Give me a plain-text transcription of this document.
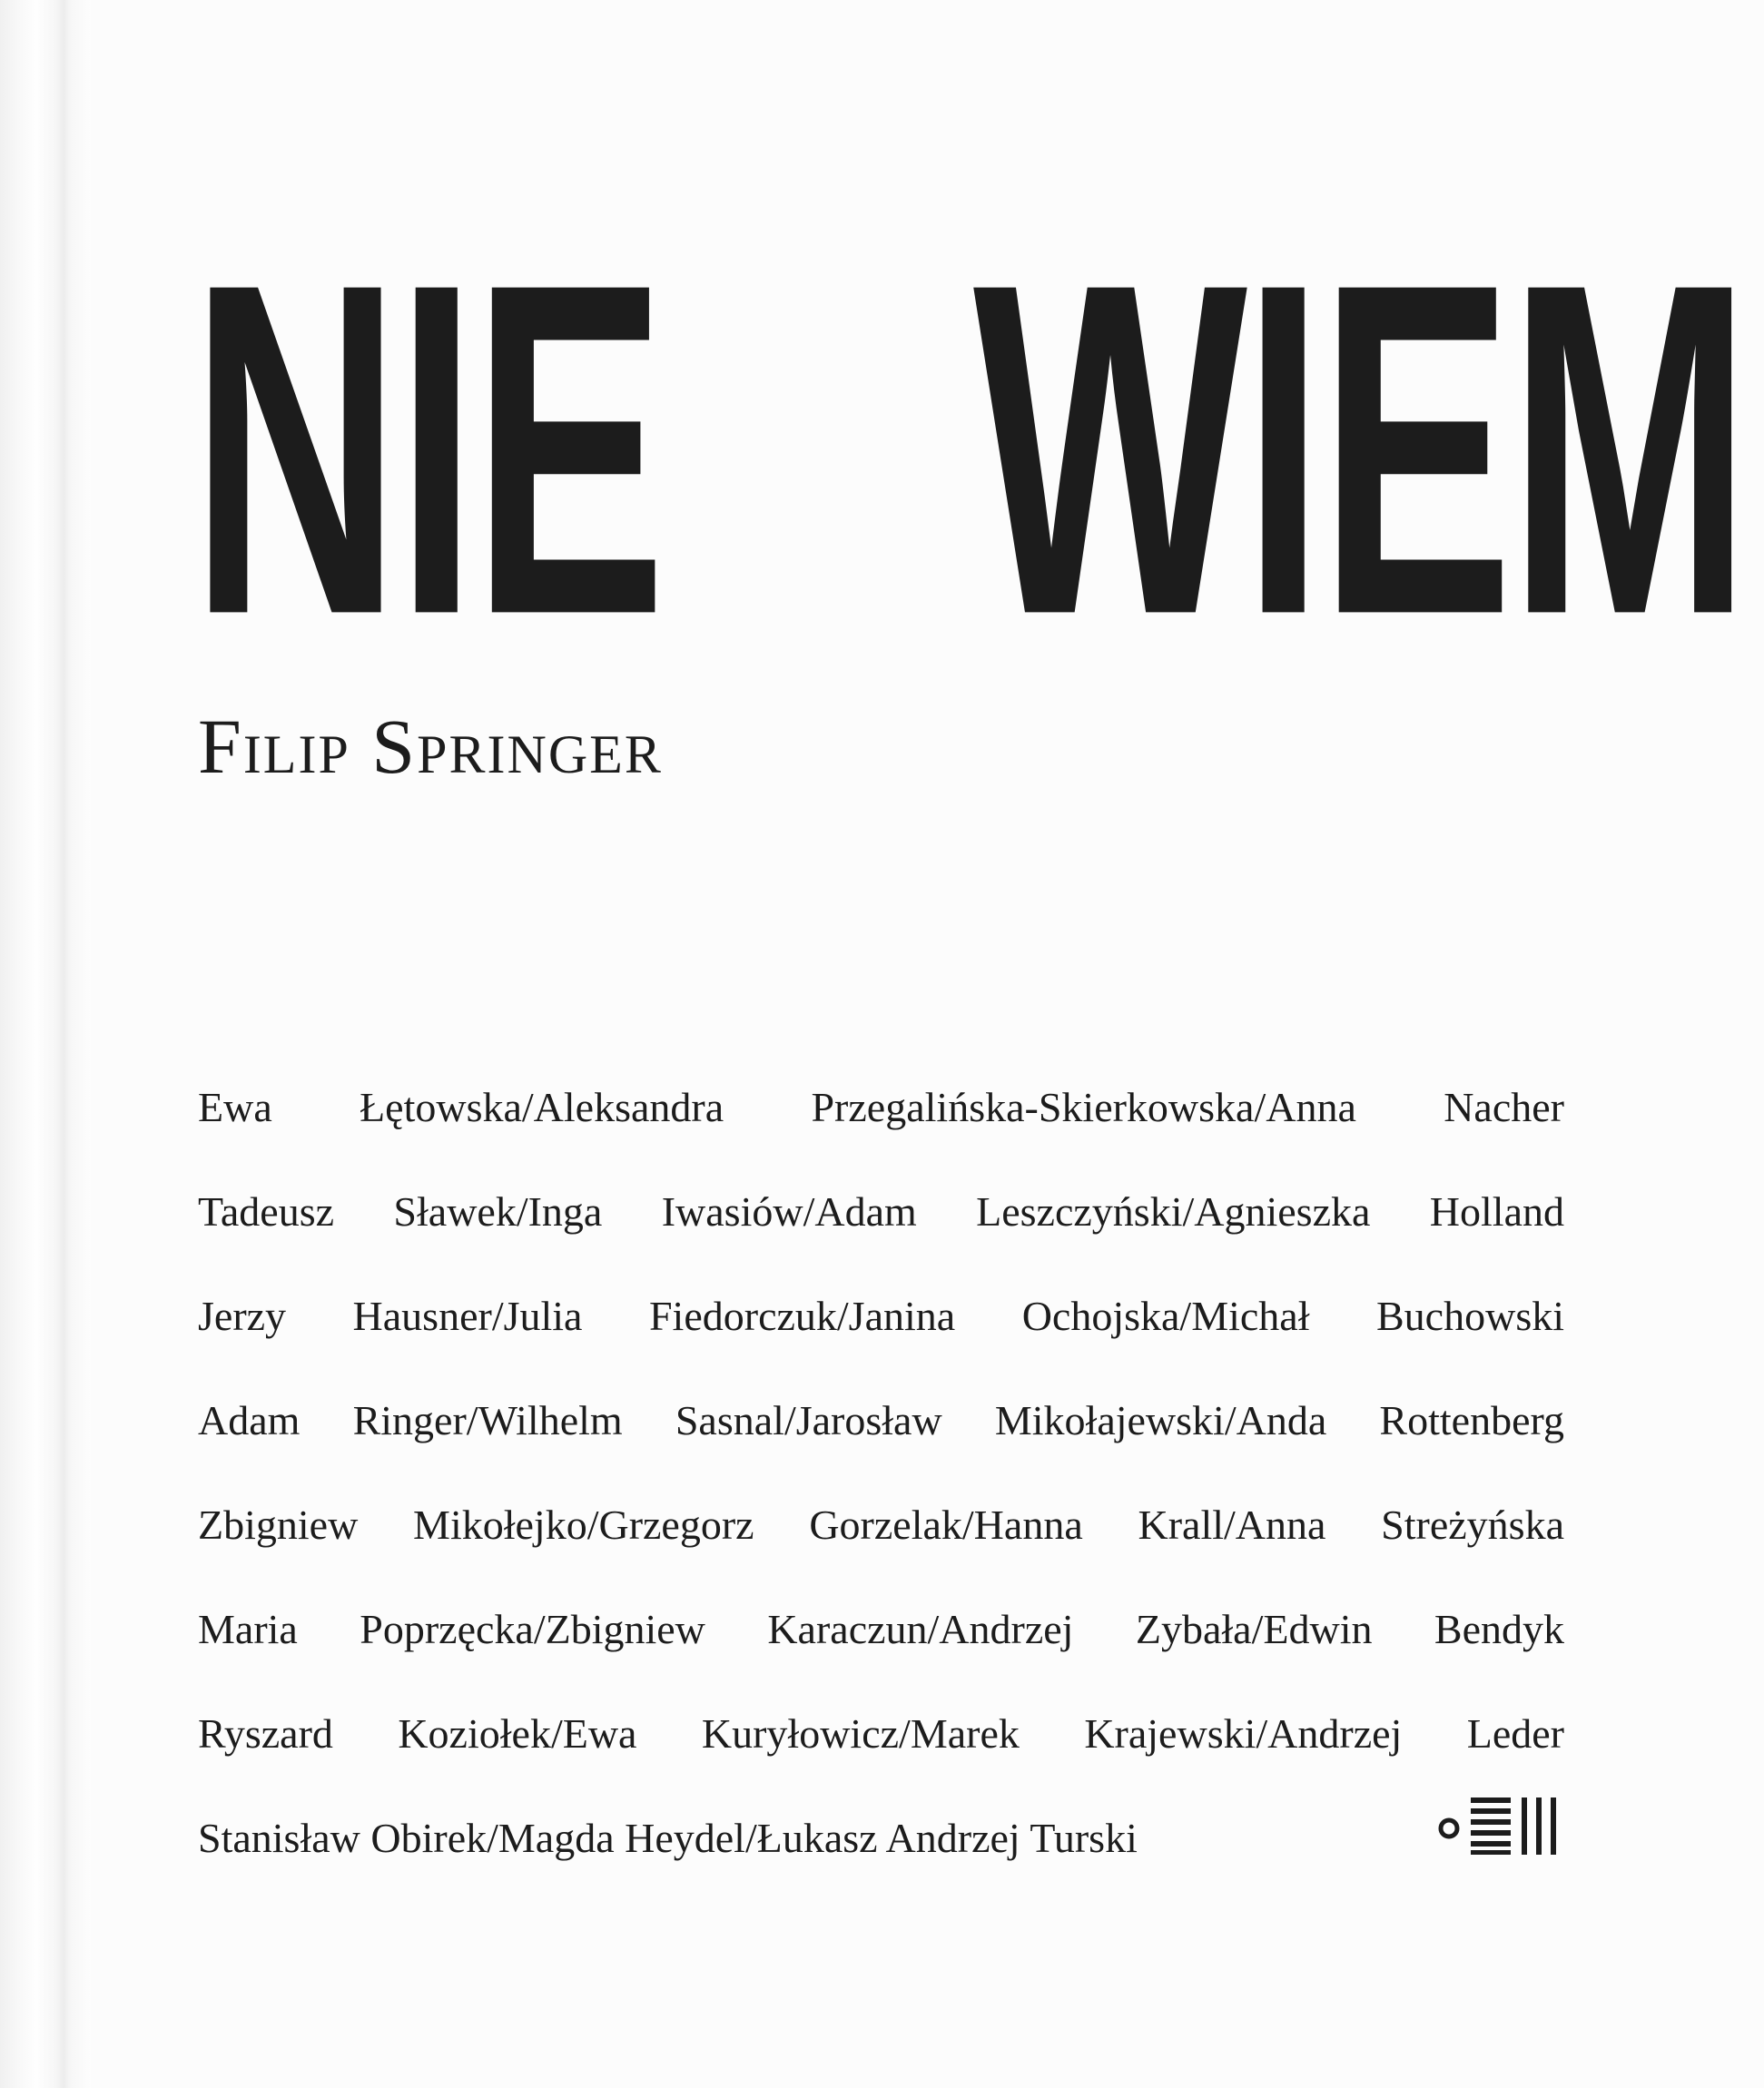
NIE WIEM

Filip Springer

Ewa Łętowska/Aleksandra Przegalińska-Skierkowska/Anna Nacher
Tadeusz Sławek/Inga Iwasiów/Adam Leszczyński/Agnieszka Holland
Jerzy Hausner/Julia Fiedorczuk/Janina Ochojska/Michał Buchowski
Adam Ringer/Wilhelm Sasnal/Jarosław Mikołajewski/Anda Rottenberg
Zbigniew Mikołejko/Grzegorz Gorzelak/Hanna Krall/Anna Streżyńska
Maria Poprzęcka/Zbigniew Karaczun/Andrzej Zybała/Edwin Bendyk
Ryszard Koziołek/Ewa Kuryłowicz/Marek Krajewski/Andrzej Leder
Stanisław Obirek/Magda Heydel/Łukasz Andrzej Turski
